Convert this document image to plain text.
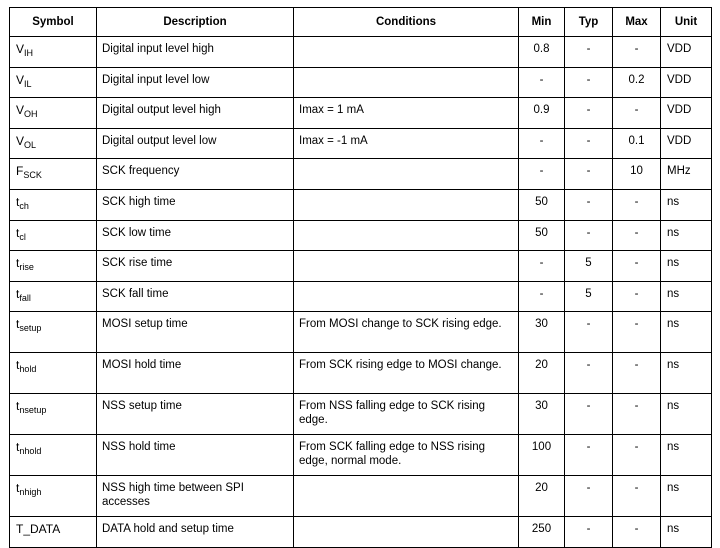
Symbol	Description	Conditions	Min	Typ	Max	Unit
$V_{IH}$	Digital input level high		0.8	-	-	VDD
$V_{IL}$	Digital input level low		-	-	0.2	VDD
$V_{OH}$	Digital output level high	Imax = 1 mA	0.9	-	-	VDD
$V_{OL}$	Digital output level low	Imax = -1 mA	-	-	0.1	VDD
$F_{SCK}$	SCK frequency		-	-	10	MHz
$t_{ch}$	SCK high time		50	-	-	ns
$t_{cl}$	SCK low time		50	-	-	ns
$t_{rise}$	SCK rise time		-	5	-	ns
$t_{fall}$	SCK fall time		-	5	-	ns
$t_{setup}$	MOSI setup time	From MOSI change to SCK rising edge.	30	-	-	ns
$t_{hold}$	MOSI hold time	From SCK rising edge to MOSI change.	20	-	-	ns
$t_{nsetup}$	NSS setup time	From NSS falling edge to SCK rising edge.	30	-	-	ns
$t_{nhold}$	NSS hold time	From SCK falling edge to NSS rising edge, normal mode.	100	-	-	ns
$t_{nhigh}$	NSS high time between SPI accesses		20	-	-	ns
T_DATA	DATA hold and setup time		250	-	-	ns
